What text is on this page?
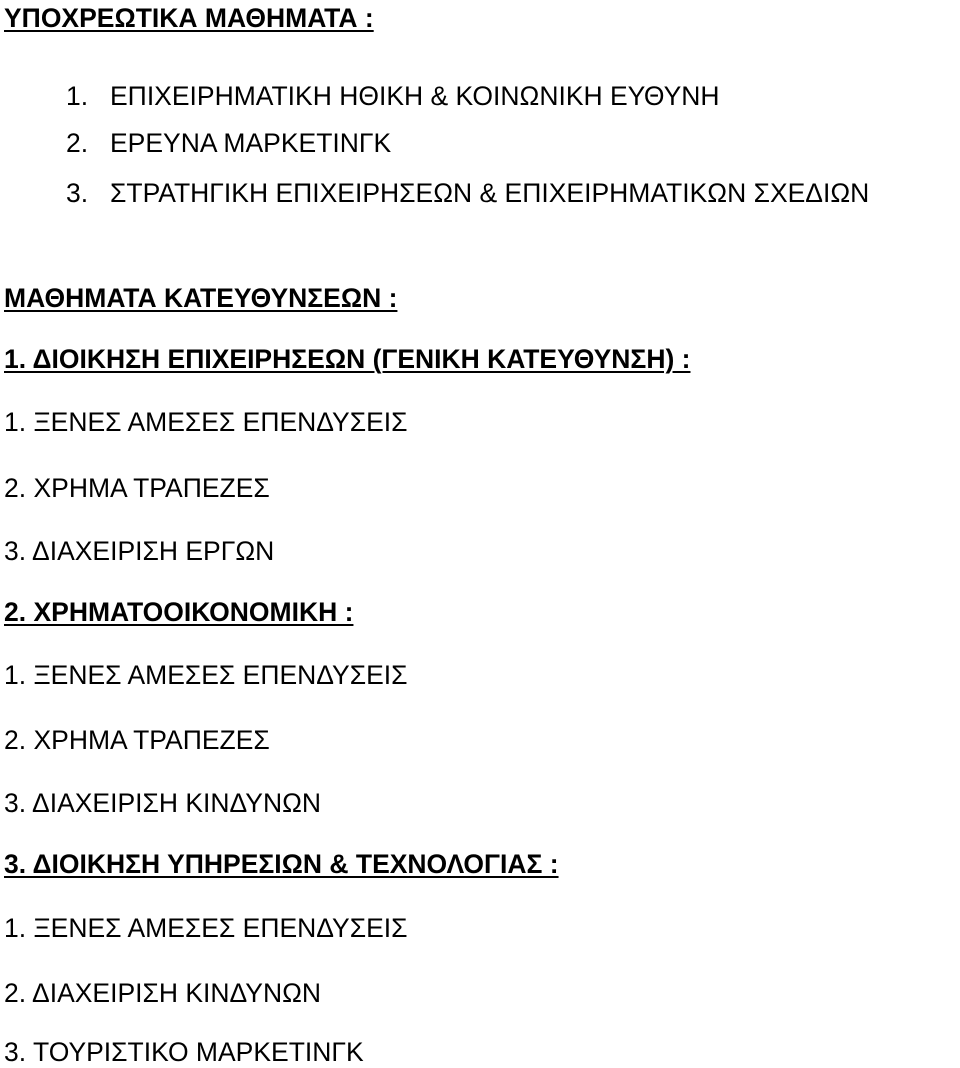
ΥΠΟΧΡΕΩΤΙΚΑ ΜΑΘΗΜΑΤΑ :
1. ΕΠΙΧΕΙΡΗΜΑΤΙΚΗ ΗΘΙΚΗ & ΚΟΙΝΩΝΙΚΗ ΕΥΘΥΝΗ
2. ΕΡΕΥΝΑ ΜΑΡΚΕΤΙΝΓΚ
3. ΣΤΡΑΤΗΓΙΚΗ ΕΠΙΧΕΙΡΗΣΕΩΝ & ΕΠΙΧΕΙΡΗΜΑΤΙΚΩΝ ΣΧΕΔΙΩΝ
ΜΑΘΗΜΑΤΑ ΚΑΤΕΥΘΥΝΣΕΩΝ :
1. ΔΙΟΙΚΗΣΗ ΕΠΙΧΕΙΡΗΣΕΩΝ (ΓΕΝΙΚΗ ΚΑΤΕΥΘΥΝΣΗ) :
1. ΞΕΝΕΣ ΑΜΕΣΕΣ ΕΠΕΝΔΥΣΕΙΣ
2. ΧΡΗΜΑ ΤΡΑΠΕΖΕΣ
3. ΔΙΑΧΕΙΡΙΣΗ ΕΡΓΩΝ
2. ΧΡΗΜΑΤΟΟΙΚΟΝΟΜΙΚΗ :
1. ΞΕΝΕΣ ΑΜΕΣΕΣ ΕΠΕΝΔΥΣΕΙΣ
2. ΧΡΗΜΑ ΤΡΑΠΕΖΕΣ
3. ΔΙΑΧΕΙΡΙΣΗ ΚΙΝΔΥΝΩΝ
3. ΔΙΟΙΚΗΣΗ ΥΠΗΡΕΣΙΩΝ & ΤΕΧΝΟΛΟΓΙΑΣ :
1. ΞΕΝΕΣ ΑΜΕΣΕΣ ΕΠΕΝΔΥΣΕΙΣ
2. ΔΙΑΧΕΙΡΙΣΗ ΚΙΝΔΥΝΩΝ
3. ΤΟΥΡΙΣΤΙΚΟ ΜΑΡΚΕΤΙΝΓΚ
